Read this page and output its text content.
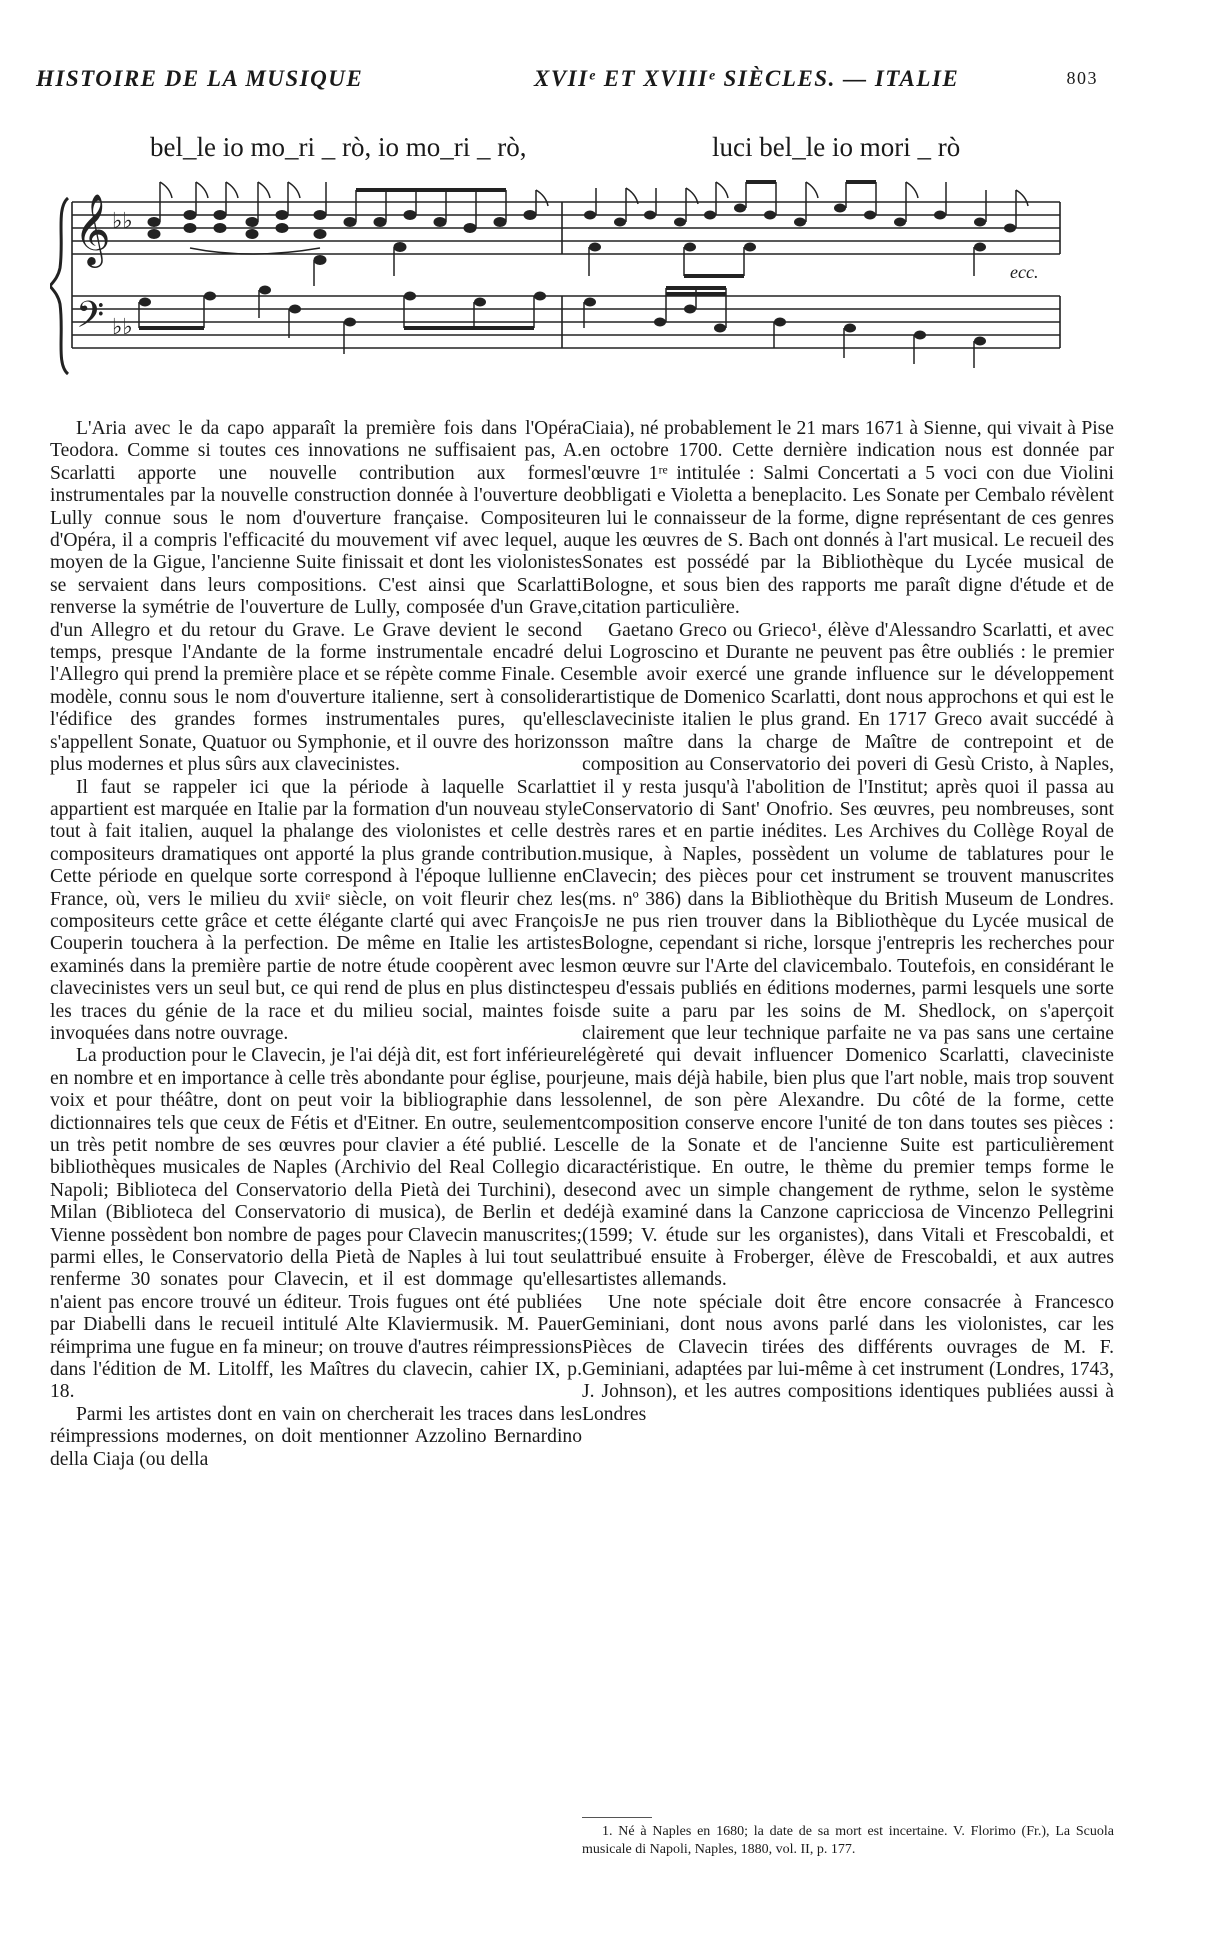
HISTOIRE DE LA MUSIQUE	XVIIᵉ ET XVIIIᵉ SIÈCLES. — ITALIE	803
bel_le io mo_ri _ rò, io mo_ri _ rò,	luci bel_le io mori _ rò
𝄞
𝄢
♭♭
♭♭
ecc.

L'Aria avec le da capo apparaît la première fois dans l'Opéra Teodora. Comme si toutes ces innovations ne suffisaient pas, A. Scarlatti apporte une nouvelle contribution aux formes instrumentales par la nouvelle construction donnée à l'ouverture de Lully connue sous le nom d'ouverture française. Compositeur d'Opéra, il a compris l'efficacité du mouvement vif avec lequel, au moyen de la Gigue, l'ancienne Suite finissait et dont les violonistes se servaient dans leurs compositions. C'est ainsi que Scarlatti renverse la symétrie de l'ouverture de Lully, composée d'un Grave, d'un Allegro et du retour du Grave. Le Grave devient le second temps, presque l'Andante de la forme instrumentale encadré de l'Allegro qui prend la première place et se répète comme Finale. Ce modèle, connu sous le nom d'ouverture italienne, sert à consolider l'édifice des grandes formes instrumentales pures, qu'elles s'appellent Sonate, Quatuor ou Symphonie, et il ouvre des horizons plus modernes et plus sûrs aux clavecinistes.

Il faut se rappeler ici que la période à laquelle Scarlatti appartient est marquée en Italie par la formation d'un nouveau style tout à fait italien, auquel la phalange des violonistes et celle des compositeurs dramatiques ont apporté la plus grande contribution. Cette période en quelque sorte correspond à l'époque lullienne en France, où, vers le milieu du xviiᵉ siècle, on voit fleurir chez les compositeurs cette grâce et cette élégante clarté qui avec François Couperin touchera à la perfection. De même en Italie les artistes examinés dans la première partie de notre étude coopèrent avec les clavecinistes vers un seul but, ce qui rend de plus en plus distinctes les traces du génie de la race et du milieu social, maintes fois invoquées dans notre ouvrage.

La production pour le Clavecin, je l'ai déjà dit, est fort inférieure en nombre et en importance à celle très abondante pour église, pour voix et pour théâtre, dont on peut voir la bibliographie dans les dictionnaires tels que ceux de Fétis et d'Eitner. En outre, seulement un très petit nombre de ses œuvres pour clavier a été publié. Les bibliothèques musicales de Naples (Archivio del Real Collegio di Napoli; Biblioteca del Conservatorio della Pietà dei Turchini), de Milan (Biblioteca del Conservatorio di musica), de Berlin et de Vienne possèdent bon nombre de pages pour Clavecin manuscrites; parmi elles, le Conservatorio della Pietà de Naples à lui tout seul renferme 30 sonates pour Clavecin, et il est dommage qu'elles n'aient pas encore trouvé un éditeur. Trois fugues ont été publiées par Diabelli dans le recueil intitulé Alte Klaviermusik. M. Pauer réimprima une fugue en fa mineur; on trouve d'autres réimpressions dans l'édition de M. Litolff, les Maîtres du clavecin, cahier IX, p. 18.

Parmi les artistes dont en vain on chercherait les traces dans les réimpressions modernes, on doit mentionner Azzolino Bernardino della Ciaja (ou della

Ciaia), né probablement le 21 mars 1671 à Sienne, qui vivait à Pise en octobre 1700. Cette dernière indication nous est donnée par l'œuvre 1ʳᵉ intitulée : Salmi Concertati a 5 voci con due Violini obbligati e Violetta a beneplacito. Les Sonate per Cembalo révèlent en lui le connaisseur de la forme, digne représentant de ces genres que les œuvres de S. Bach ont donnés à l'art musical. Le recueil des Sonates est possédé par la Bibliothèque du Lycée musical de Bologne, et sous bien des rapports me paraît digne d'étude et de citation particulière.

Gaetano Greco ou Grieco¹, élève d'Alessandro Scarlatti, et avec lui Logroscino et Durante ne peuvent pas être oubliés : le premier semble avoir exercé une grande influence sur le développement artistique de Domenico Scarlatti, dont nous approchons et qui est le claveciniste italien le plus grand. En 1717 Greco avait succédé à son maître dans la charge de Maître de contrepoint et de composition au Conservatorio dei poveri di Gesù Cristo, à Naples, et il y resta jusqu'à l'abolition de l'Institut; après quoi il passa au Conservatorio di Sant' Onofrio. Ses œuvres, peu nombreuses, sont très rares et en partie inédites. Les Archives du Collège Royal de musique, à Naples, possèdent un volume de tablatures pour le Clavecin; des pièces pour cet instrument se trouvent manuscrites (ms. nº 386) dans la Bibliothèque du British Museum de Londres. Je ne pus rien trouver dans la Bibliothèque du Lycée musical de Bologne, cependant si riche, lorsque j'entrepris les recherches pour mon œuvre sur l'Arte del clavicembalo. Toutefois, en considérant le peu d'essais publiés en éditions modernes, parmi lesquels une sorte de suite a paru par les soins de M. Shedlock, on s'aperçoit clairement que leur technique parfaite ne va pas sans une certaine légèreté qui devait influencer Domenico Scarlatti, claveciniste jeune, mais déjà habile, bien plus que l'art noble, mais trop souvent solennel, de son père Alexandre. Du côté de la forme, cette composition conserve encore l'unité de ton dans toutes ses pièces : celle de la Sonate et de l'ancienne Suite est particulièrement caractéristique. En outre, le thème du premier temps forme le second avec un simple changement de rythme, selon le système déjà examiné dans la Canzone capricciosa de Vincenzo Pellegrini (1599; V. étude sur les organistes), dans Vitali et Frescobaldi, et attribué ensuite à Froberger, élève de Frescobaldi, et aux autres artistes allemands.

Une note spéciale doit être encore consacrée à Francesco Geminiani, dont nous avons parlé dans les violonistes, car les Pièces de Clavecin tirées des différents ouvrages de M. F. Geminiani, adaptées par lui-même à cet instrument (Londres, 1743, J. Johnson), et les autres compositions identiques publiées aussi à Londres

1. Né à Naples en 1680; la date de sa mort est incertaine. V. Florimo (Fr.), La Scuola musicale di Napoli, Naples, 1880, vol. II, p. 177.
